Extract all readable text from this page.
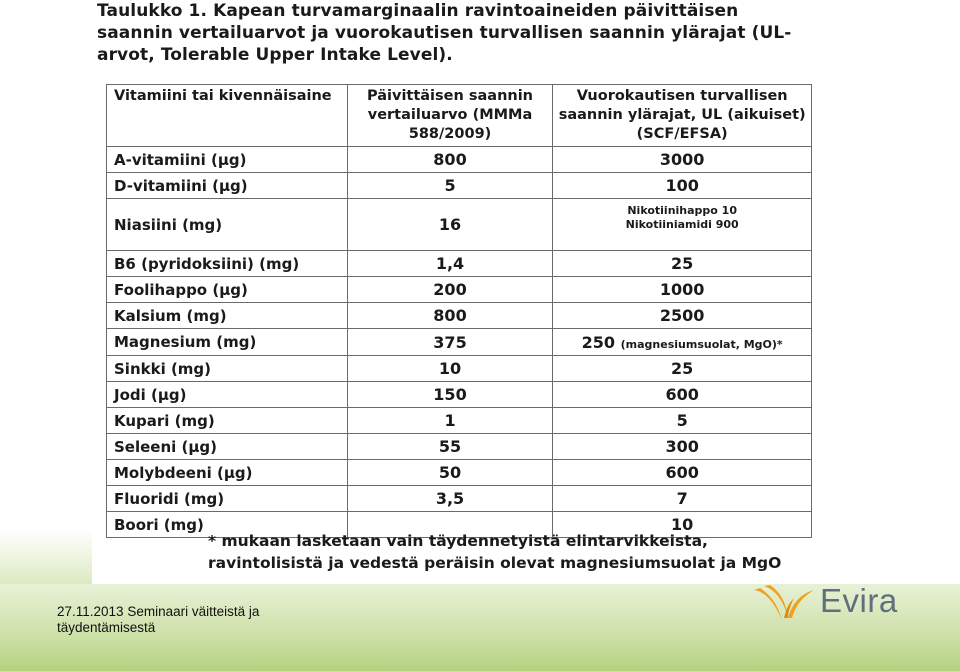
Taulukko 1. Kapean turvamarginaalin ravintoaineiden päivittäisen saannin vertailuarvot ja vuorokautisen turvallisen saannin ylärajat (UL-arvot, Tolerable Upper Intake Level).
Vitamiini tai kivennäisaine	Päivittäisen saannin vertailuarvo (MMMa 588/2009)	Vuorokautisen turvallisen saannin ylärajat, UL (aikuiset) (SCF/EFSA)
A-vitamiini (µg)	800	3000
D-vitamiini (µg)	5	100
Niasiini (mg)	16	Nikotiinihappo 10
Nikotiiniamidi 900

B6 (pyridoksiini) (mg)	1,4	25
Foolihappo (µg)	200	1000
Kalsium (mg)	800	2500
Magnesium (mg)	375	250 (magnesiumsuolat, MgO)*
Sinkki (mg)	10	25
Jodi (µg)	150	600
Kupari (mg)	1	5
Seleeni (µg)	55	300
Molybdeeni (µg)	50	600
Fluoridi (mg)	3,5	7
Boori (mg)		10
* mukaan lasketaan vain täydennetyistä elintarvikkeista, ravintolisistä ja vedestä peräisin olevat magnesiumsuolat ja MgO
27.11.2013 Seminaari väitteistä ja täydentämisestä
Evira
